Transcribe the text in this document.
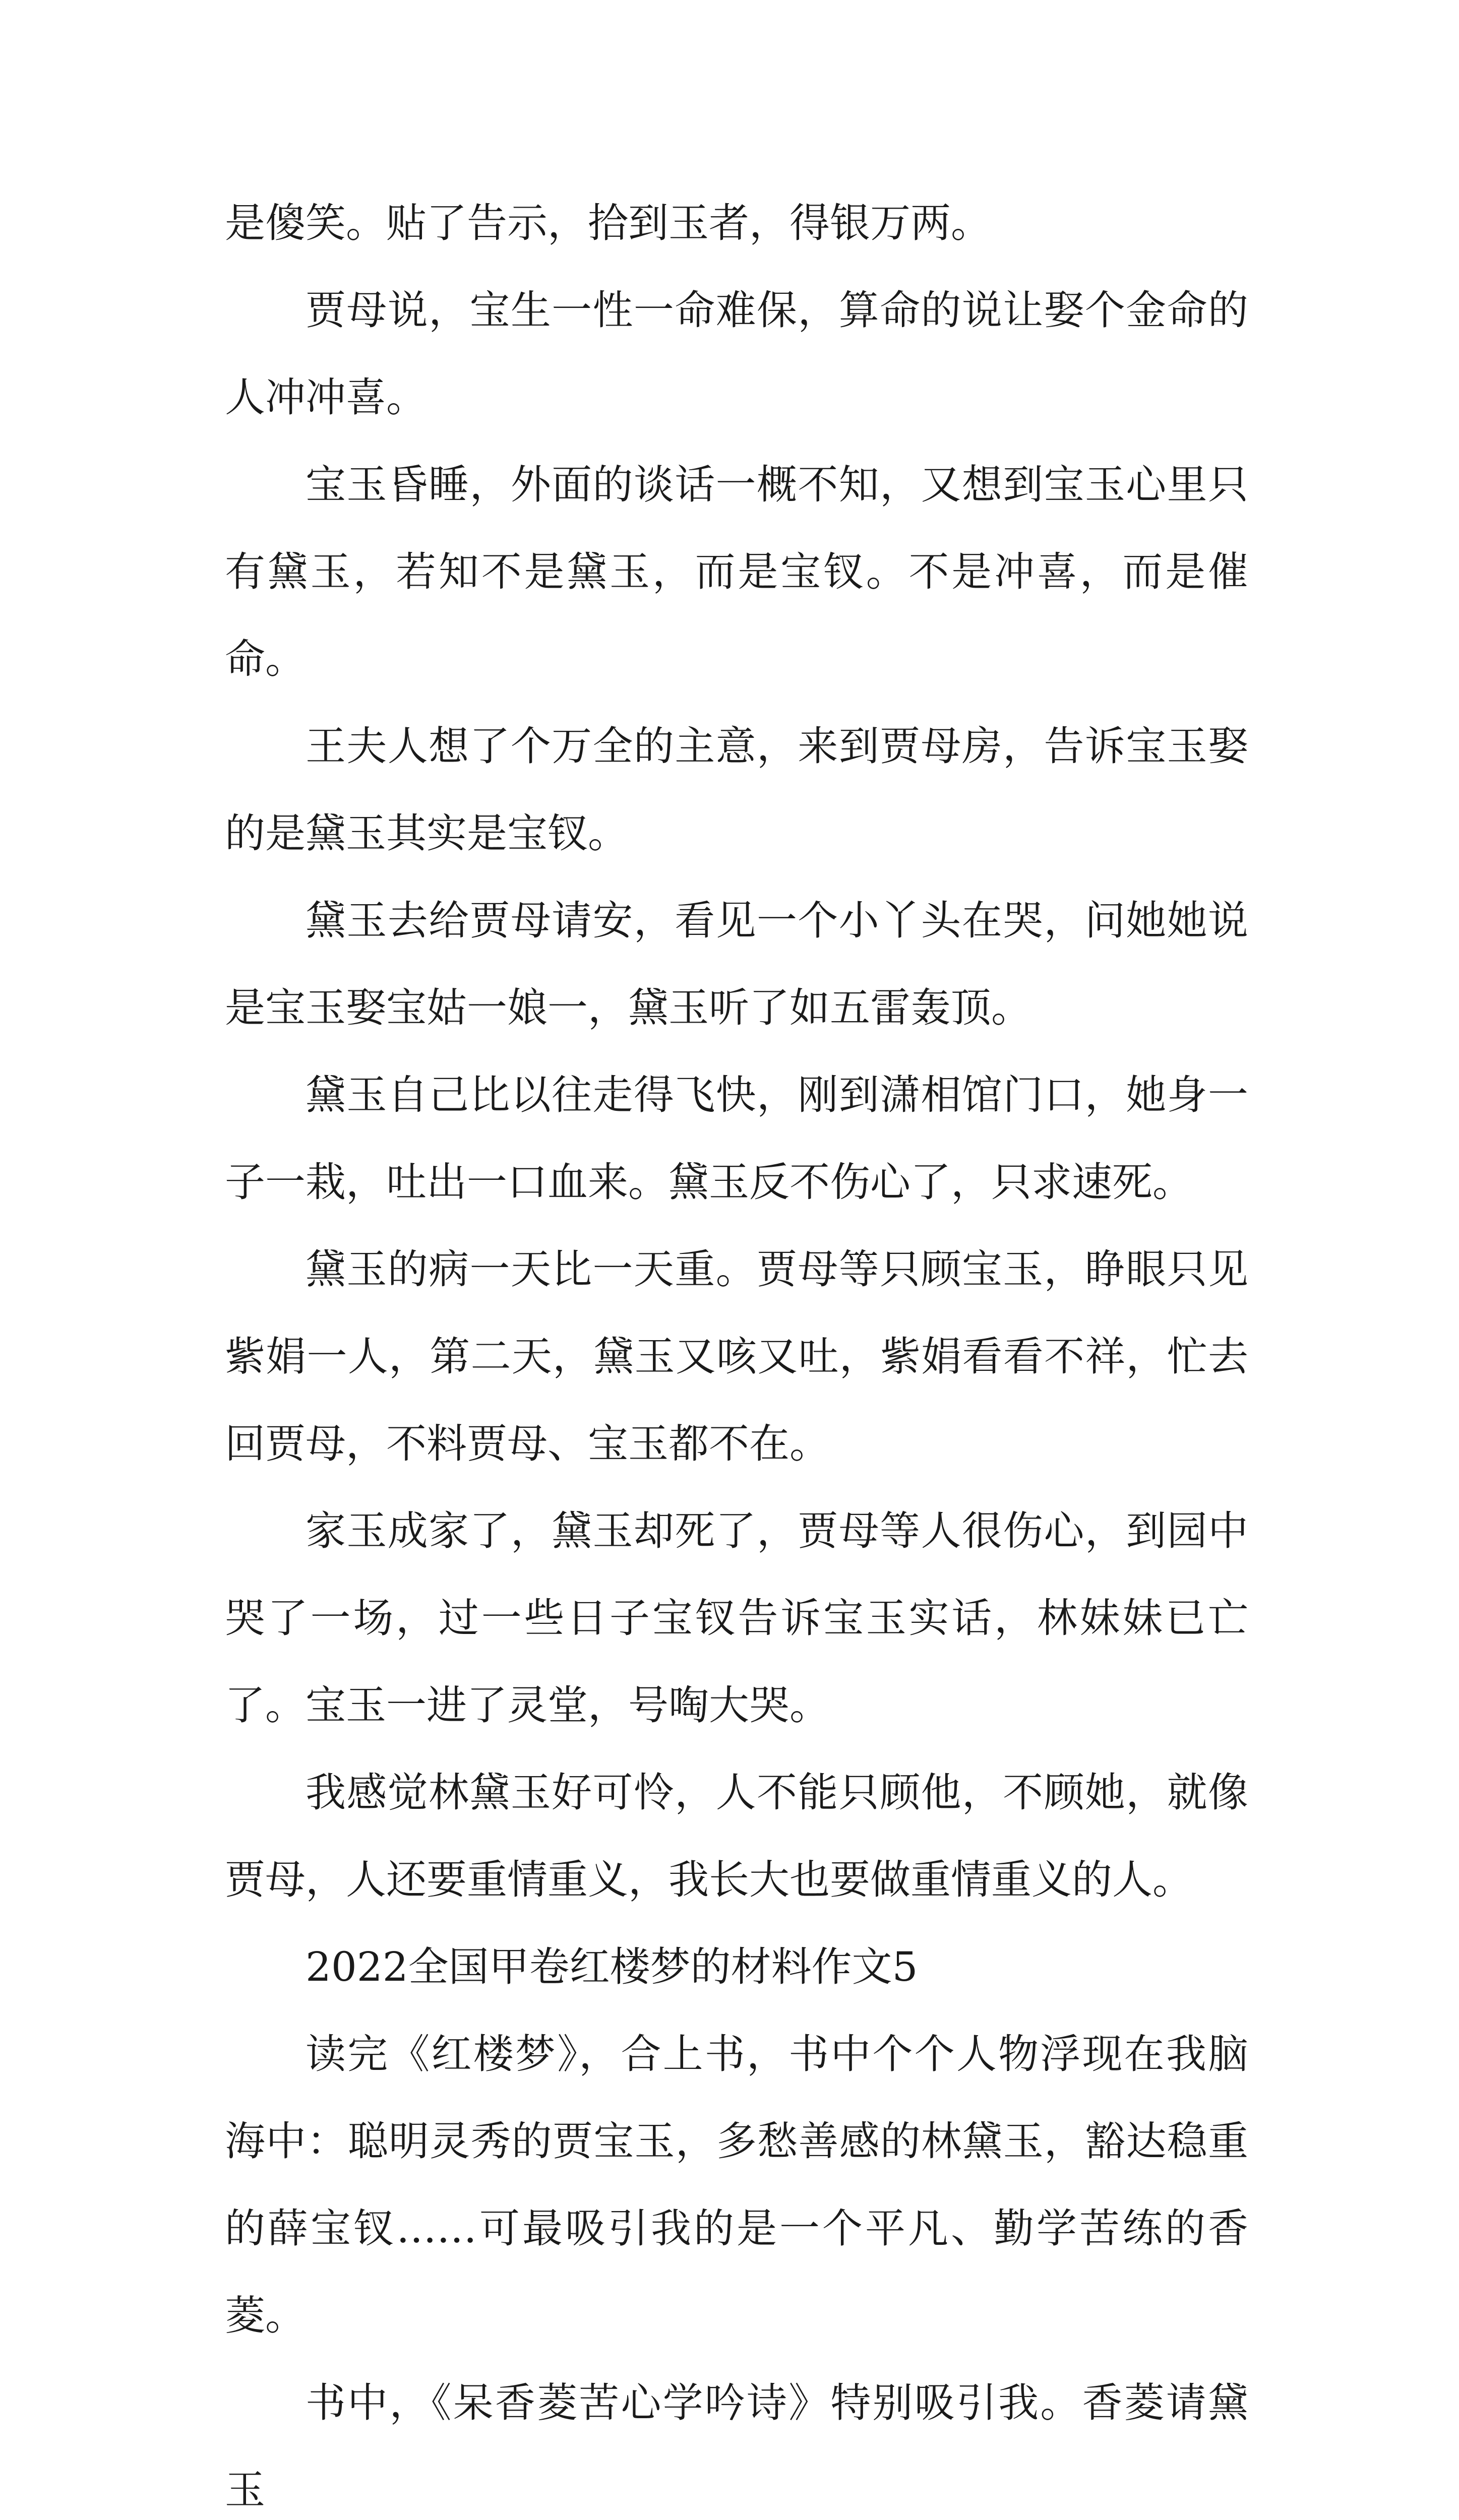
是傻笑。贴了告示，拾到玉者，得银万两。

贾母说，宝生一性一命难保，算命的说让娶个金命的人冲冲喜。

宝玉昏睡，外面的谈话一概不知，又想到宝玉心里只有黛玉，若知不是黛玉，而是宝钗。不是冲喜，而是催命。

王夫人想了个万全的主意，来到贾母房，告诉宝玉娶的是黛玉其实是宝钗。

黛玉去给贾母请安，看见一个小丫头在哭，问她她说是宝玉娶宝姑一娘一，黛玉听了如五雷轰顶。

黛玉自己比以往走得飞快，刚到潇相馆门口，她身一子一栽，吐出一口血来。黛玉反不伤心了，只求速死。

黛玉的病一天比一天重。贾母等只顾宝玉，睁眼只见紫娟一人，第二天，黛玉又咳又吐，紫娟看看不祥，忙去回贾母，不料贾母、宝玉都不在。

家玉成家了，黛玉却死了，贾母等人很伤心，到园中哭了一场，过一些日子宝钗告诉宝玉实话，林妹妹已亡了。宝玉一进了灵堂，号啕大哭。

我感觉林黛玉好可怜，人不能只顾他，不顾她，就像贾母，人还要重情重义，我长大也要做重情重义的人。

2022全国甲卷红楼梦的材料作文5

读完《红楼梦》，合上书，书中个个人物浮现在我脑海中：聪明灵秀的贾宝玉，多愁善感的林黛玉，豁达稳重的薛宝钗……可最吸引我的是一个平凡、勤学苦练的香菱。

书中，《呆香菱苦心学吟诗》特别吸引我。香菱请黛玉
